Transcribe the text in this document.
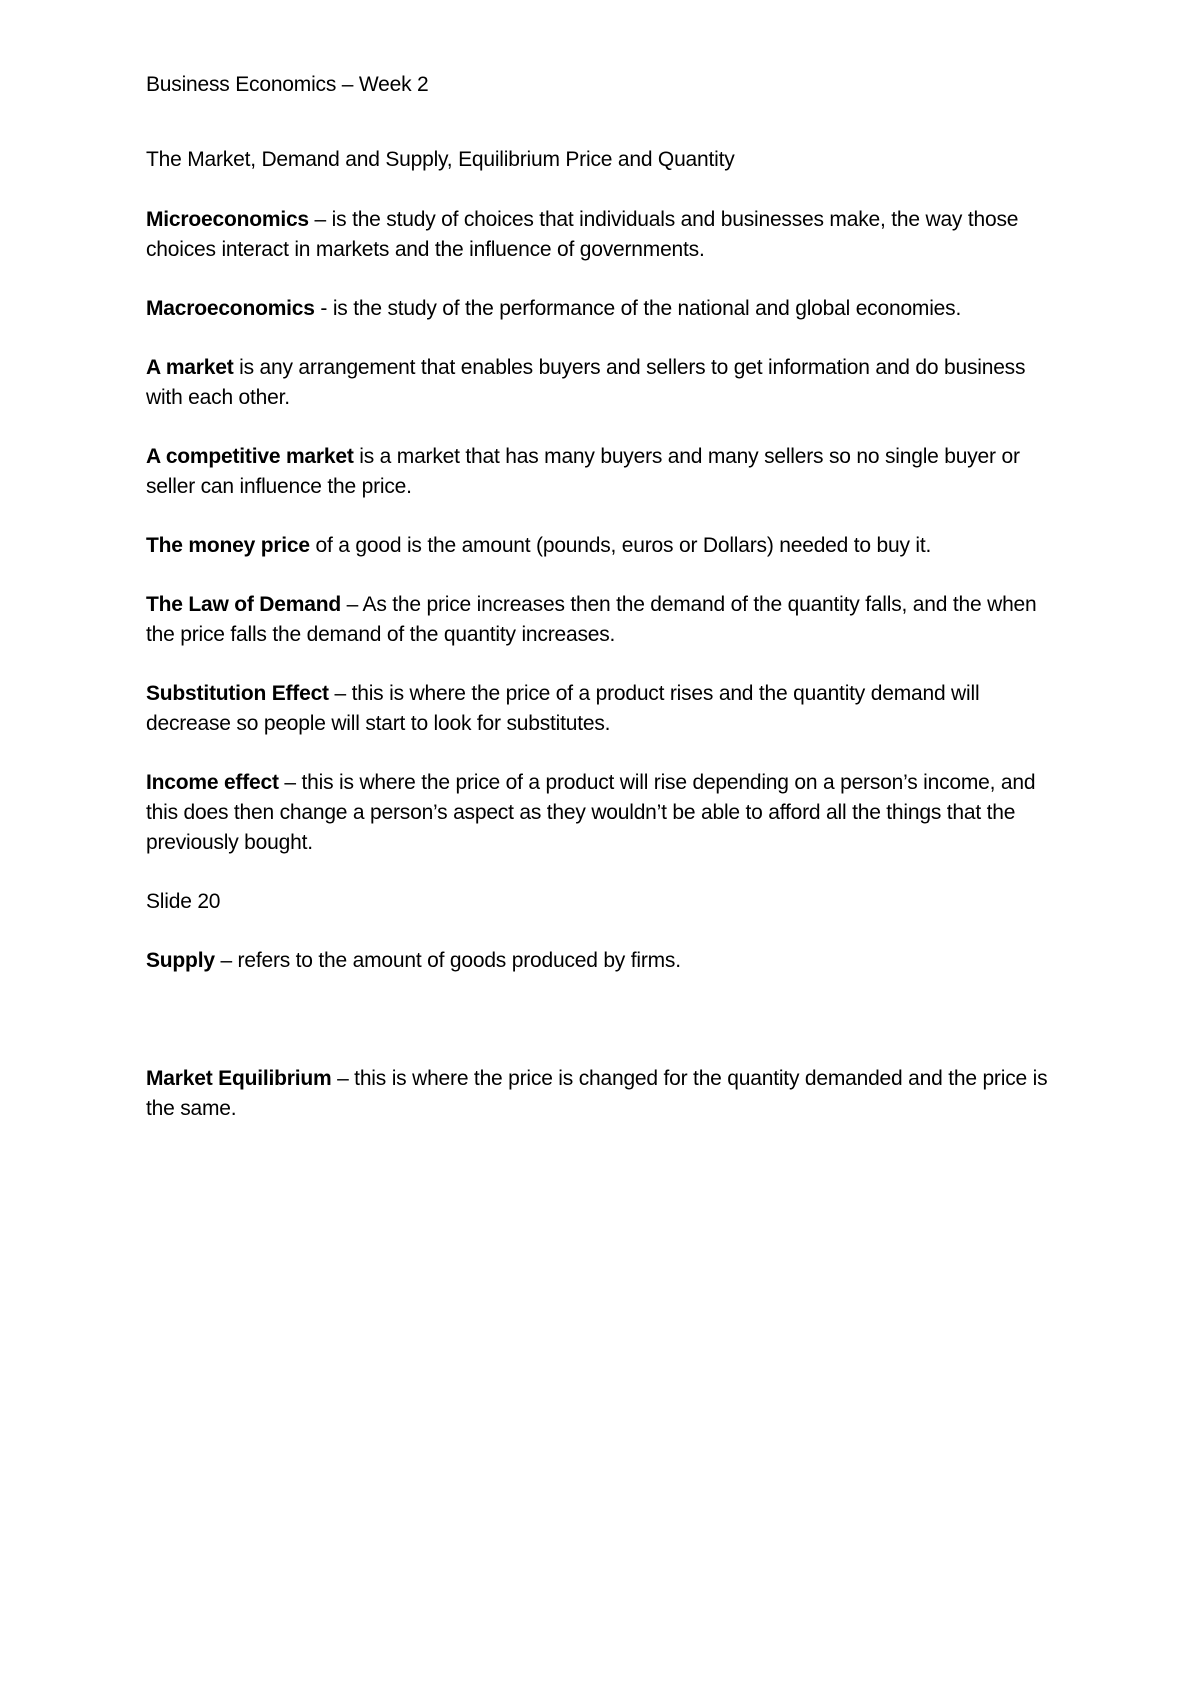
Business Economics – Week 2

The Market, Demand and Supply, Equilibrium Price and Quantity

Microeconomics – is the study of choices that individuals and businesses make, the way those choices interact in markets and the influence of governments.

Macroeconomics - is the study of the performance of the national and global economies.

A market is any arrangement that enables buyers and sellers to get information and do business with each other.

A competitive market is a market that has many buyers and many sellers so no single buyer or seller can influence the price.

The money price of a good is the amount (pounds, euros or Dollars) needed to buy it.

The Law of Demand – As the price increases then the demand of the quantity falls, and the when the price falls the demand of the quantity increases.

Substitution Effect – this is where the price of a product rises and the quantity demand will decrease so people will start to look for substitutes.

Income effect – this is where the price of a product will rise depending on a person’s income, and this does then change a person’s aspect as they wouldn’t be able to afford all the things that the previously bought.

Slide 20

Supply – refers to the amount of goods produced by firms.

Market Equilibrium – this is where the price is changed for the quantity demanded and the price is the same.
